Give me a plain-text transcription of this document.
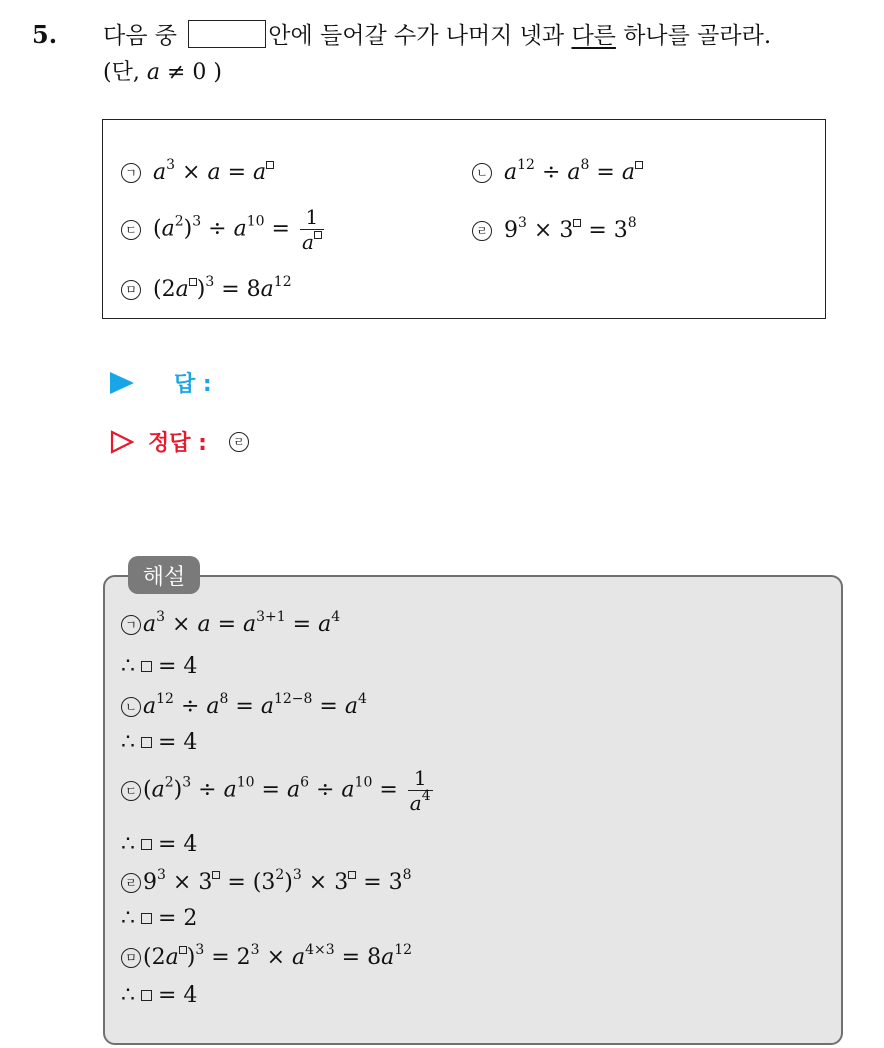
5. 다음 중	안에 들어갈 수가 나머지 넷과 다른 하나를 골라라.
(단, a ≠ 0 )
ㄱ $a^3 \times a = a$	ㄴ $a^{12} \div a^8 = a$
ㄷ $(a^2)^3 \div a^{10} = \frac{1}{a}$	ㄹ $9^3 \times 3 = 3^8$
ㅁ (2a )$^3 = 8a^{12}$
답 :
정답 :	ㄹ
해설
ㄱ $a^3 \times a = a^{3+1} = a^4$
∴
= 4
ㄴ $a^{12} \div a^8 = a^{12-8} = a^4$
∴
= 4
ㄷ $(a^2)^3 \div a^{10} = a^6 \div a^{10} = \frac{1}{a^4}$
∴
= 4
ㄹ $9^3 \times 3 = (3^2)^3 \times 3 = 3^8$
∴
= 2
ㅁ (2a )$^3 = 2^3 \times a^{4\times 3} = 8a^{12}$
∴
= 4
